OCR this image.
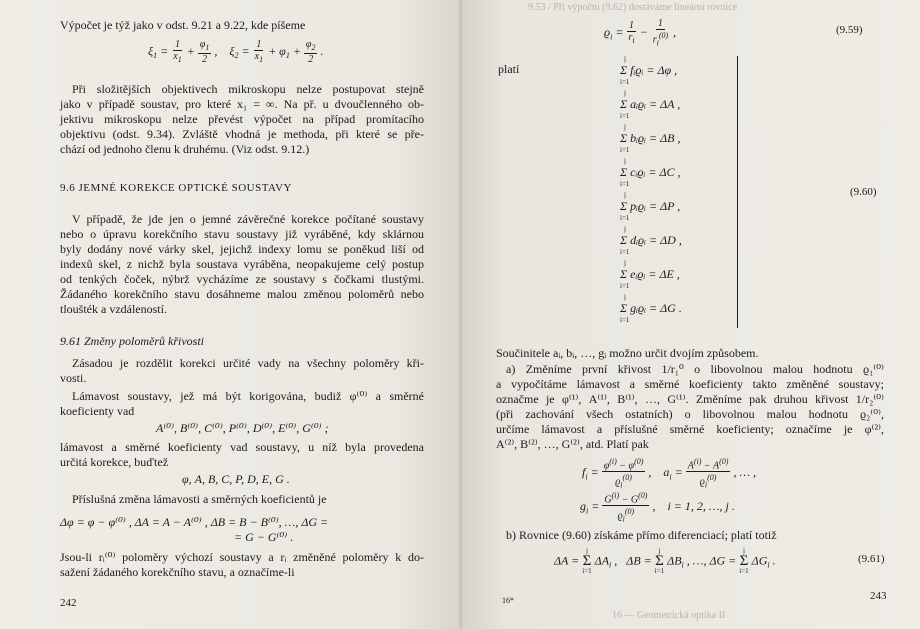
Výpočet je týž jako v odst. 9.21 a 9.22, kde píšeme
$\xi_1 = \frac{1}{x_1} + \frac{\varphi_1}{2}$ ,    $\xi_2 = \frac{1}{x_1} + \varphi_1 + \frac{\varphi_2}{2}$ .
Při složitějších objektivech mikroskopu nelze postupovat stejně
jako v případě soustav, pro které x₁ = ∞. Na př. u dvoučlenného ob-
jektivu mikroskopu nelze převést výpočet na případ promítacího
objektivu (odst. 9.34). Zvláště vhodná je methoda, při které se pře-
chází od jednoho členu k druhému. (Viz odst. 9.12.)
9.6 JEMNÉ KOREKCE OPTICKÉ SOUSTAVY
V případě, že jde jen o jemné závěrečné korekce počítané soustavy
nebo o úpravu korekčního stavu soustavy již vyráběné, kdy sklárnou
byly dodány nové várky skel, jejichž indexy lomu se poněkud liší od
indexů skel, z nichž byla soustava vyráběna, neopakujeme celý postup
od tenkých čoček, nýbrž vycházíme ze soustavy s čočkami tlustými.
Žádaného korekčního stavu dosáhneme malou změnou poloměrů nebo
tloušték a vzdáleností.
9.61 Změny poloměrů křivosti
Zásadou je rozdělit korekci určité vady na všechny poloměry kři-
vosti.
Lámavost soustavy, jež má být korigována, budiž φ⁽⁰⁾ a směrné
koeficienty vad
A⁽⁰⁾, B⁽⁰⁾, C⁽⁰⁾, P⁽⁰⁾, D⁽⁰⁾, E⁽⁰⁾, G⁽⁰⁾ ;
lámavost a směrné koeficienty vad soustavy, u níž byla provedena
určitá korekce, buďtež
φ, A, B, C, P, D, E, G .
Příslušná změna lámavosti a směrných koeficientů je
Δφ = φ − φ⁽⁰⁾ , ΔA = A − A⁽⁰⁾ , ΔB = B − B⁽⁰⁾, …, ΔG =
= G − G⁽⁰⁾ .
Jsou-li rᵢ⁽⁰⁾ poloměry výchozí soustavy a rᵢ změněné poloměry k do-
sažení žádaného korekčního stavu, a označíme-li
242
9.53 / Při výpočtu (9.62) dostáváme lineární rovnice
$ϱ_i = \frac{1}{r_i} - \frac{1}{r_i^{(0)}}$ ,	(9.59)
platí
(9.60)
Součinitele aᵢ, bᵢ, …, gᵢ možno určit dvojím způsobem.
a) Změníme první křivost 1/r₁⁰ o libovolnou malou hodnotu ϱ₁⁽⁰⁾
a vypočítáme lámavost a směrné koeficienty takto změněné soustavy;
označme je φ⁽¹⁾, A⁽¹⁾, B⁽¹⁾, …, G⁽¹⁾. Změníme pak druhou křivost 1/r₂⁽⁰⁾
(při zachování všech ostatních) o libovolnou malou hodnotu ϱ₂⁽⁰⁾,
určíme lámavost a příslušné směrné koeficienty; označíme je φ⁽²⁾,
A⁽²⁾, B⁽²⁾, …, G⁽²⁾, atd. Platí pak
$f_i = \frac{\varphi^{(i)} - \varphi^{(0)}}{ϱ_i^{(0)}}$ ,    $a_i = \frac{A^{(i)} - A^{(0)}}{ϱ_i^{(0)}}$ , … ,
$g_i = \frac{G^{(i)} - G^{(0)}}{ϱ_i^{(0)}}$ ,    i = 1, 2, …, j .
b) Rovnice (9.60) získáme přímo diferenciací; platí totiž
ΔA =
j
Σ
i=1
$\Delta A_i$ ,   ΔB =
j
Σ
i=1
$\Delta B_i$ , …, ΔG =
j
Σ
i=1
$\Delta G_i$ .	(9.61)
16*
16 — Geometrická optika II
243
j
Σ fᵢϱᵢ = Δφ ,
i=1
j
Σ aᵢϱᵢ = ΔA ,
i=1
j
Σ bᵢϱᵢ = ΔB ,
i=1
j
Σ cᵢϱᵢ = ΔC ,
i=1
j
Σ pᵢϱᵢ = ΔP ,
i=1
j
Σ dᵢϱᵢ = ΔD ,
i=1
j
Σ eᵢϱᵢ = ΔE ,
i=1
j
Σ gᵢϱᵢ = ΔG .
i=1
